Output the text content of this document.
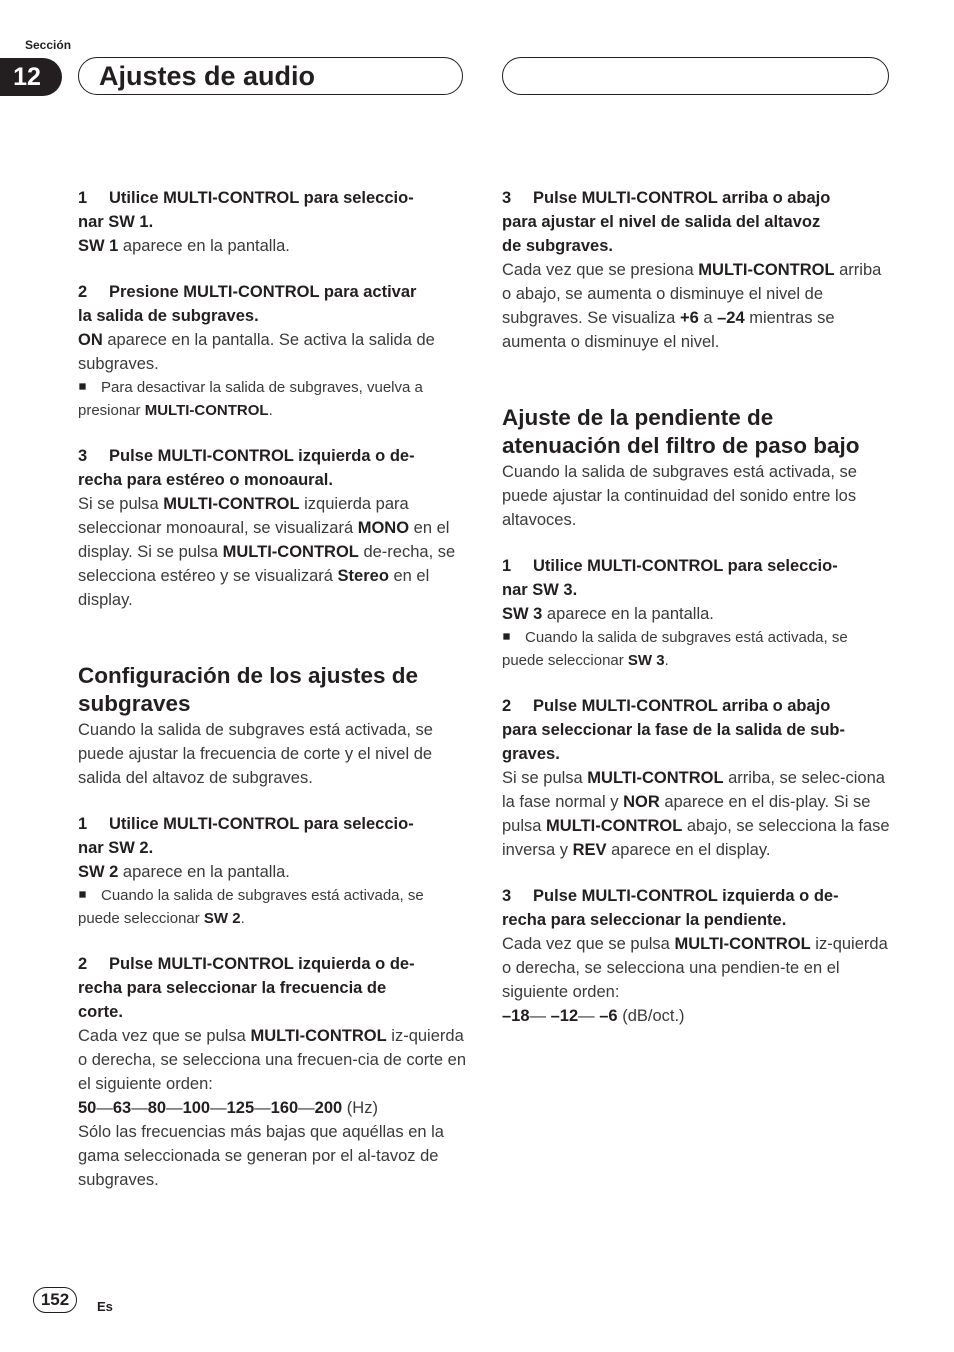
Sección
12	Ajustes de audio

1 Utilice MULTI-CONTROL para seleccio-
nar SW 1.

SW 1 aparece en la pantalla.

2 Presione MULTI-CONTROL para activar
la salida de subgraves.

ON aparece en la pantalla. Se activa la salida de subgraves.

Para desactivar la salida de subgraves, vuelva a presionar MULTI-CONTROL.

3 Pulse MULTI-CONTROL izquierda o de-
recha para estéreo o monoaural.

Si se pulsa MULTI-CONTROL izquierda para seleccionar monoaural, se visualizará MONO en el display. Si se pulsa MULTI-CONTROL de-recha, se selecciona estéreo y se visualizará Stereo en el display.

Configuración de los ajustes de subgraves

Cuando la salida de subgraves está activada, se puede ajustar la frecuencia de corte y el nivel de salida del altavoz de subgraves.

1 Utilice MULTI-CONTROL para seleccio-
nar SW 2.

SW 2 aparece en la pantalla.

Cuando la salida de subgraves está activada, se puede seleccionar SW 2.

2 Pulse MULTI-CONTROL izquierda o de-
recha para seleccionar la frecuencia de
corte.

Cada vez que se pulsa MULTI-CONTROL iz-quierda o derecha, se selecciona una frecuen-cia de corte en el siguiente orden:

50—63—80—100—125—160—200 (Hz)

Sólo las frecuencias más bajas que aquéllas en la gama seleccionada se generan por el al-tavoz de subgraves.

3 Pulse MULTI-CONTROL arriba o abajo
para ajustar el nivel de salida del altavoz
de subgraves.

Cada vez que se presiona MULTI-CONTROL arriba o abajo, se aumenta o disminuye el nivel de subgraves. Se visualiza +6 a –24 mientras se aumenta o disminuye el nivel.

Ajuste de la pendiente de atenuación del filtro de paso bajo

Cuando la salida de subgraves está activada, se puede ajustar la continuidad del sonido entre los altavoces.

1 Utilice MULTI-CONTROL para seleccio-
nar SW 3.

SW 3 aparece en la pantalla.

Cuando la salida de subgraves está activada, se puede seleccionar SW 3.

2 Pulse MULTI-CONTROL arriba o abajo
para seleccionar la fase de la salida de sub-
graves.

Si se pulsa MULTI-CONTROL arriba, se selec-ciona la fase normal y NOR aparece en el dis-play. Si se pulsa MULTI-CONTROL abajo, se selecciona la fase inversa y REV aparece en el display.

3 Pulse MULTI-CONTROL izquierda o de-
recha para seleccionar la pendiente.

Cada vez que se pulsa MULTI-CONTROL iz-quierda o derecha, se selecciona una pendien-te en el siguiente orden:

–18— –12— –6 (dB/oct.)

152	Es
